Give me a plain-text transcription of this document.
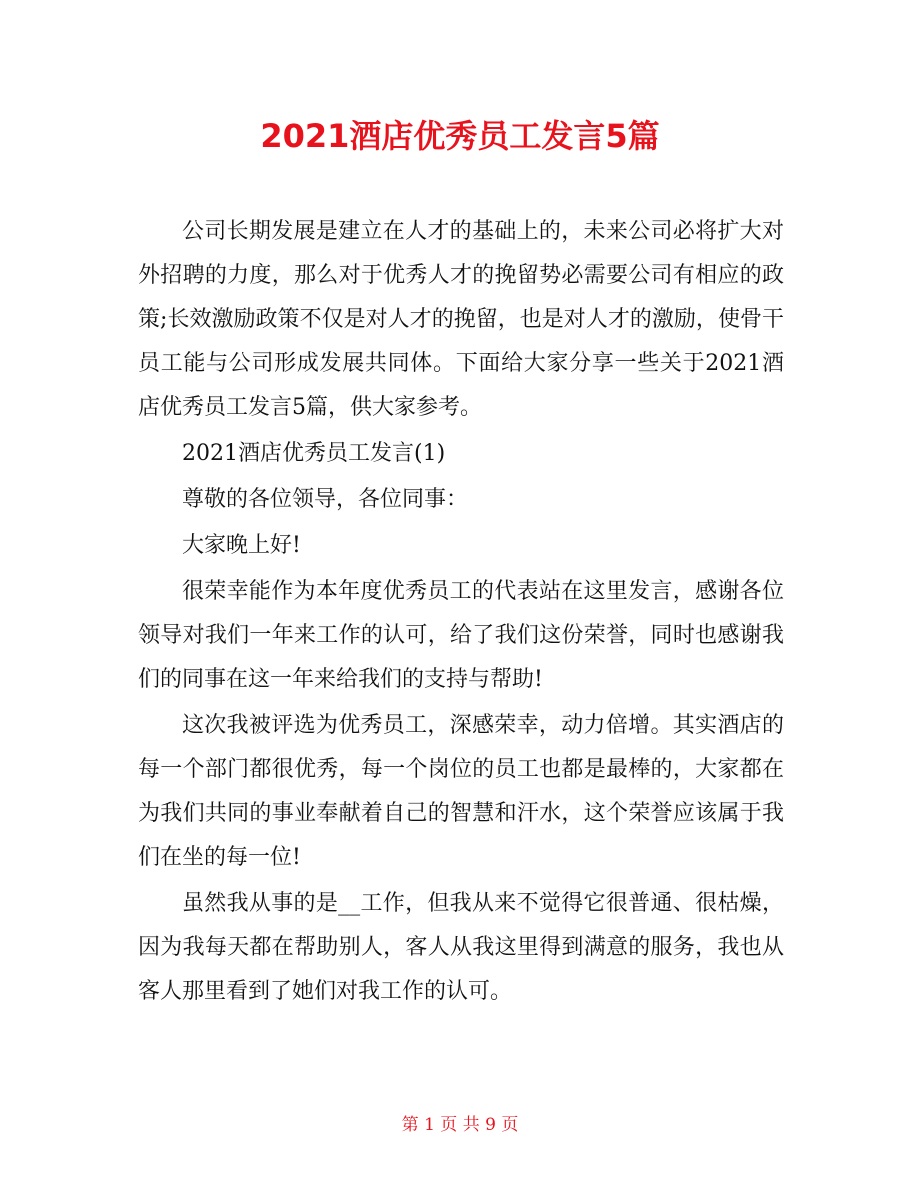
2021酒店优秀员工发言5篇

公司长期发展是建立在人才的基础上的，未来公司必将扩大对外招聘的力度，那么对于优秀人才的挽留势必需要公司有相应的政策;长效激励政策不仅是对人才的挽留，也是对人才的激励，使骨干员工能与公司形成发展共同体。下面给大家分享一些关于2021酒店优秀员工发言5篇，供大家参考。

2021酒店优秀员工发言(1)

尊敬的各位领导，各位同事：

大家晚上好!

很荣幸能作为本年度优秀员工的代表站在这里发言，感谢各位领导对我们一年来工作的认可，给了我们这份荣誉，同时也感谢我们的同事在这一年来给我们的支持与帮助!

这次我被评选为优秀员工，深感荣幸，动力倍增。其实酒店的每一个部门都很优秀，每一个岗位的员工也都是最棒的，大家都在为我们共同的事业奉献着自己的智慧和汗水，这个荣誉应该属于我们在坐的每一位!

虽然我从事的是__工作，但我从来不觉得它很普通、很枯燥，因为我每天都在帮助别人，客人从我这里得到满意的服务，我也从客人那里看到了她们对我工作的认可。

第 1 页 共 9 页
